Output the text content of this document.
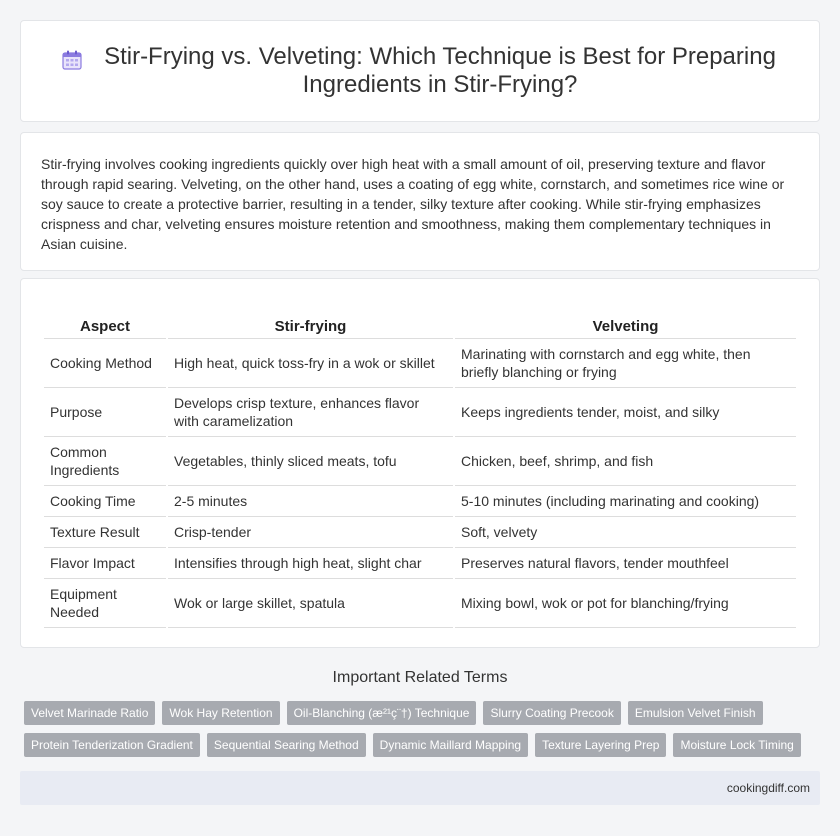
Stir-Frying vs. Velveting: Which Technique is Best for Preparing Ingredients in Stir-Frying?

Stir-frying involves cooking ingredients quickly over high heat with a small amount of oil, preserving texture and flavor through rapid searing. Velveting, on the other hand, uses a coating of egg white, cornstarch, and sometimes rice wine or soy sauce to create a protective barrier, resulting in a tender, silky texture after cooking. While stir-frying emphasizes crispness and char, velveting ensures moisture retention and smoothness, making them complementary techniques in Asian cuisine.

Aspect	Stir-frying	Velveting
Cooking Method	High heat, quick toss-fry in a wok or skillet	Marinating with cornstarch and egg white, then briefly blanching or frying
Purpose	Develops crisp texture, enhances flavor with caramelization	Keeps ingredients tender, moist, and silky
Common Ingredients	Vegetables, thinly sliced meats, tofu	Chicken, beef, shrimp, and fish
Cooking Time	2-5 minutes	5-10 minutes (including marinating and cooking)
Texture Result	Crisp-tender	Soft, velvety
Flavor Impact	Intensifies through high heat, slight char	Preserves natural flavors, tender mouthfeel
Equipment Needed	Wok or large skillet, spatula	Mixing bowl, wok or pot for blanching/frying
Important Related Terms
Velvet Marinade Ratio	Wok Hay Retention	Oil-Blanching (æ²¹ç¨†) Technique	Slurry Coating Precook	Emulsion Velvet Finish
Protein Tenderization Gradient	Sequential Searing Method	Dynamic Maillard Mapping	Texture Layering Prep	Moisture Lock Timing
cookingdiff.com
